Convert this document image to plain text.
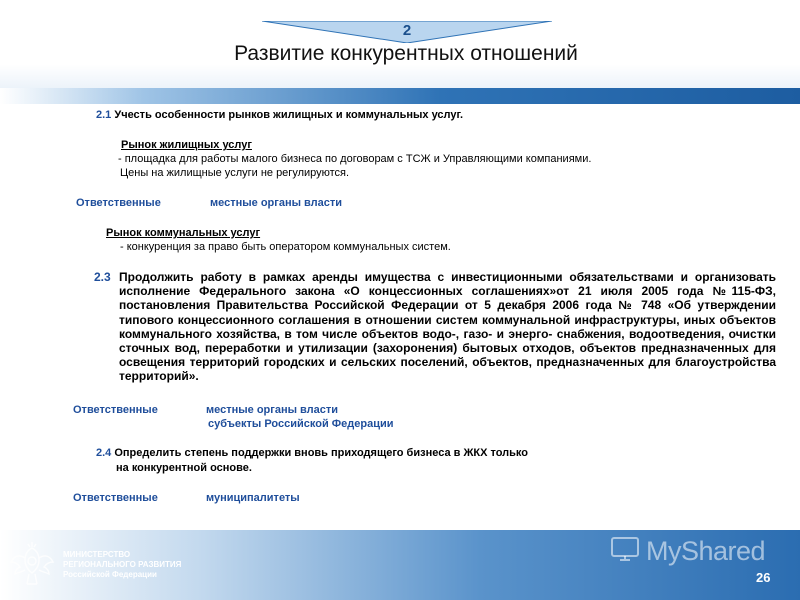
2
Развитие конкурентных отношений
2.1 Учесть особенности рынков жилищных и коммунальных услуг.
Рынок жилищных услуг
- площадка для работы малого бизнеса по договорам с ТСЖ и Управляющими компаниями.
Цены на жилищные услуги не регулируются.
Ответственные	местные органы власти
Рынок коммунальных услуг
- конкуренция за право быть оператором коммунальных систем.
2.3 Продолжить работу в рамках аренды имущества с инвестиционными обязательствами и организовать исполнение Федерального закона «О концессионных соглашениях»от 21 июля 2005 года №115-ФЗ, постановления Правительства Российской Федерации от 5 декабря 2006 года № 748 «Об утверждении типового концессионного соглашения в отношении систем коммунальной инфраструктуры, иных объектов коммунального хозяйства, в том числе объектов водо-, газо- и энерго- снабжения, водоотведения, очистки сточных вод, переработки и утилизации (захоронения) бытовых отходов, объектов предназначенных для освещения территорий городских и сельских поселений, объектов, предназначенных для благоустройства территорий».
Ответственные	местные органы власти
субъекты Российской Федерации
2.4 Определить степень поддержки вновь приходящего бизнеса в ЖКХ только
на конкурентной основе.
Ответственные	муниципалитеты
МИНИСТЕРСТВО
РЕГИОНАЛЬНОГО РАЗВИТИЯ
Российской Федерации
MyShared
26
